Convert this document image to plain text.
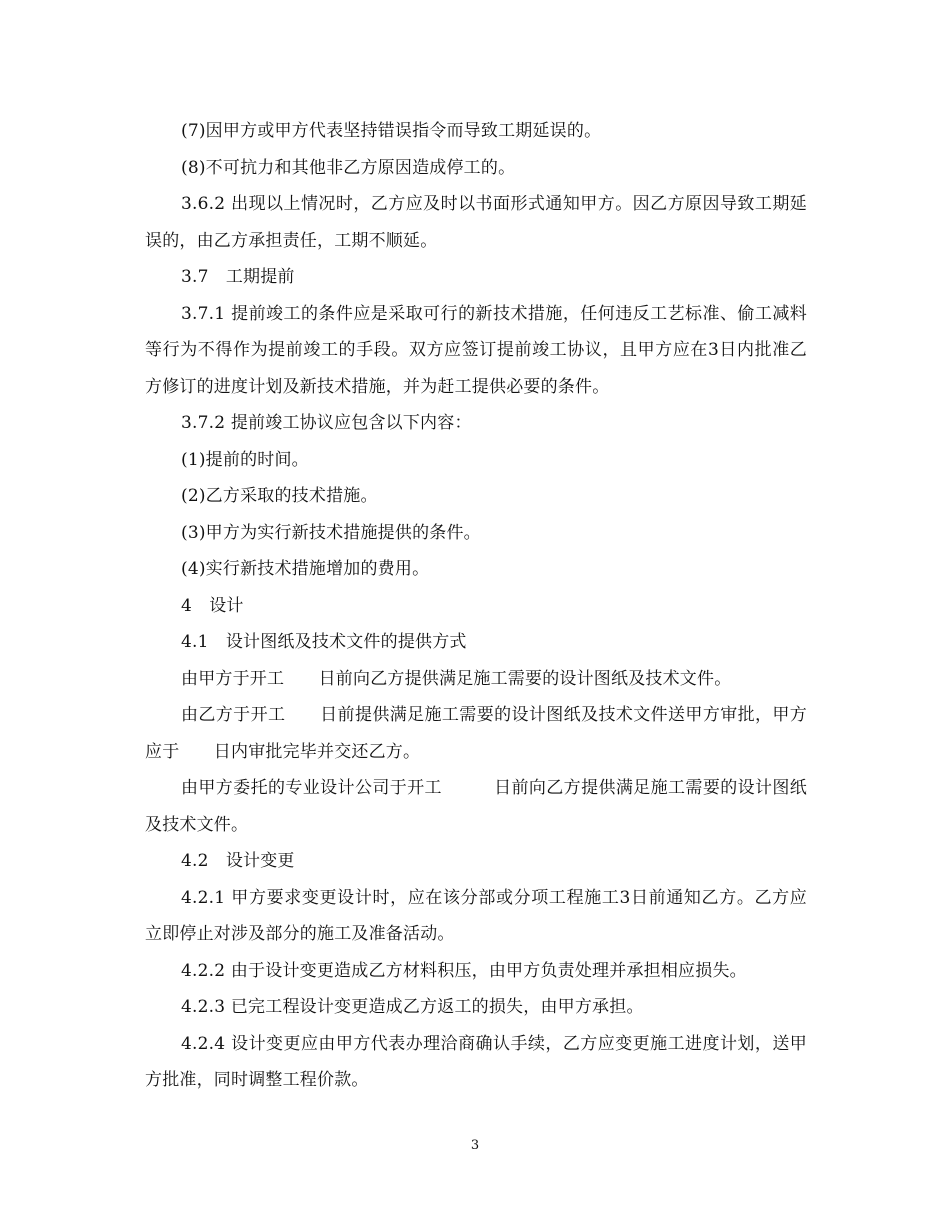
(7)因甲方或甲方代表坚持错误指令而导致工期延误的。

(8)不可抗力和其他非乙方原因造成停工的。

3.6.2 出现以上情况时，乙方应及时以书面形式通知甲方。因乙方原因导致工期延误的，由乙方承担责任，工期不顺延。

3.7　工期提前

3.7.1 提前竣工的条件应是采取可行的新技术措施，任何违反工艺标准、偷工减料等行为不得作为提前竣工的手段。双方应签订提前竣工协议，且甲方应在3日内批准乙方修订的进度计划及新技术措施，并为赶工提供必要的条件。

3.7.2 提前竣工协议应包含以下内容：

(1)提前的时间。

(2)乙方采取的技术措施。

(3)甲方为实行新技术措施提供的条件。

(4)实行新技术措施增加的费用。

4　设计

4.1　设计图纸及技术文件的提供方式

由甲方于开工　　日前向乙方提供满足施工需要的设计图纸及技术文件。

由乙方于开工　　日前提供满足施工需要的设计图纸及技术文件送甲方审批，甲方应于　　日内审批完毕并交还乙方。

由甲方委托的专业设计公司于开工　　　日前向乙方提供满足施工需要的设计图纸及技术文件。

4.2　设计变更

4.2.1 甲方要求变更设计时，应在该分部或分项工程施工3日前通知乙方。乙方应立即停止对涉及部分的施工及准备活动。

4.2.2 由于设计变更造成乙方材料积压，由甲方负责处理并承担相应损失。

4.2.3 已完工程设计变更造成乙方返工的损失，由甲方承担。

4.2.4 设计变更应由甲方代表办理洽商确认手续，乙方应变更施工进度计划，送甲方批准，同时调整工程价款。

3
